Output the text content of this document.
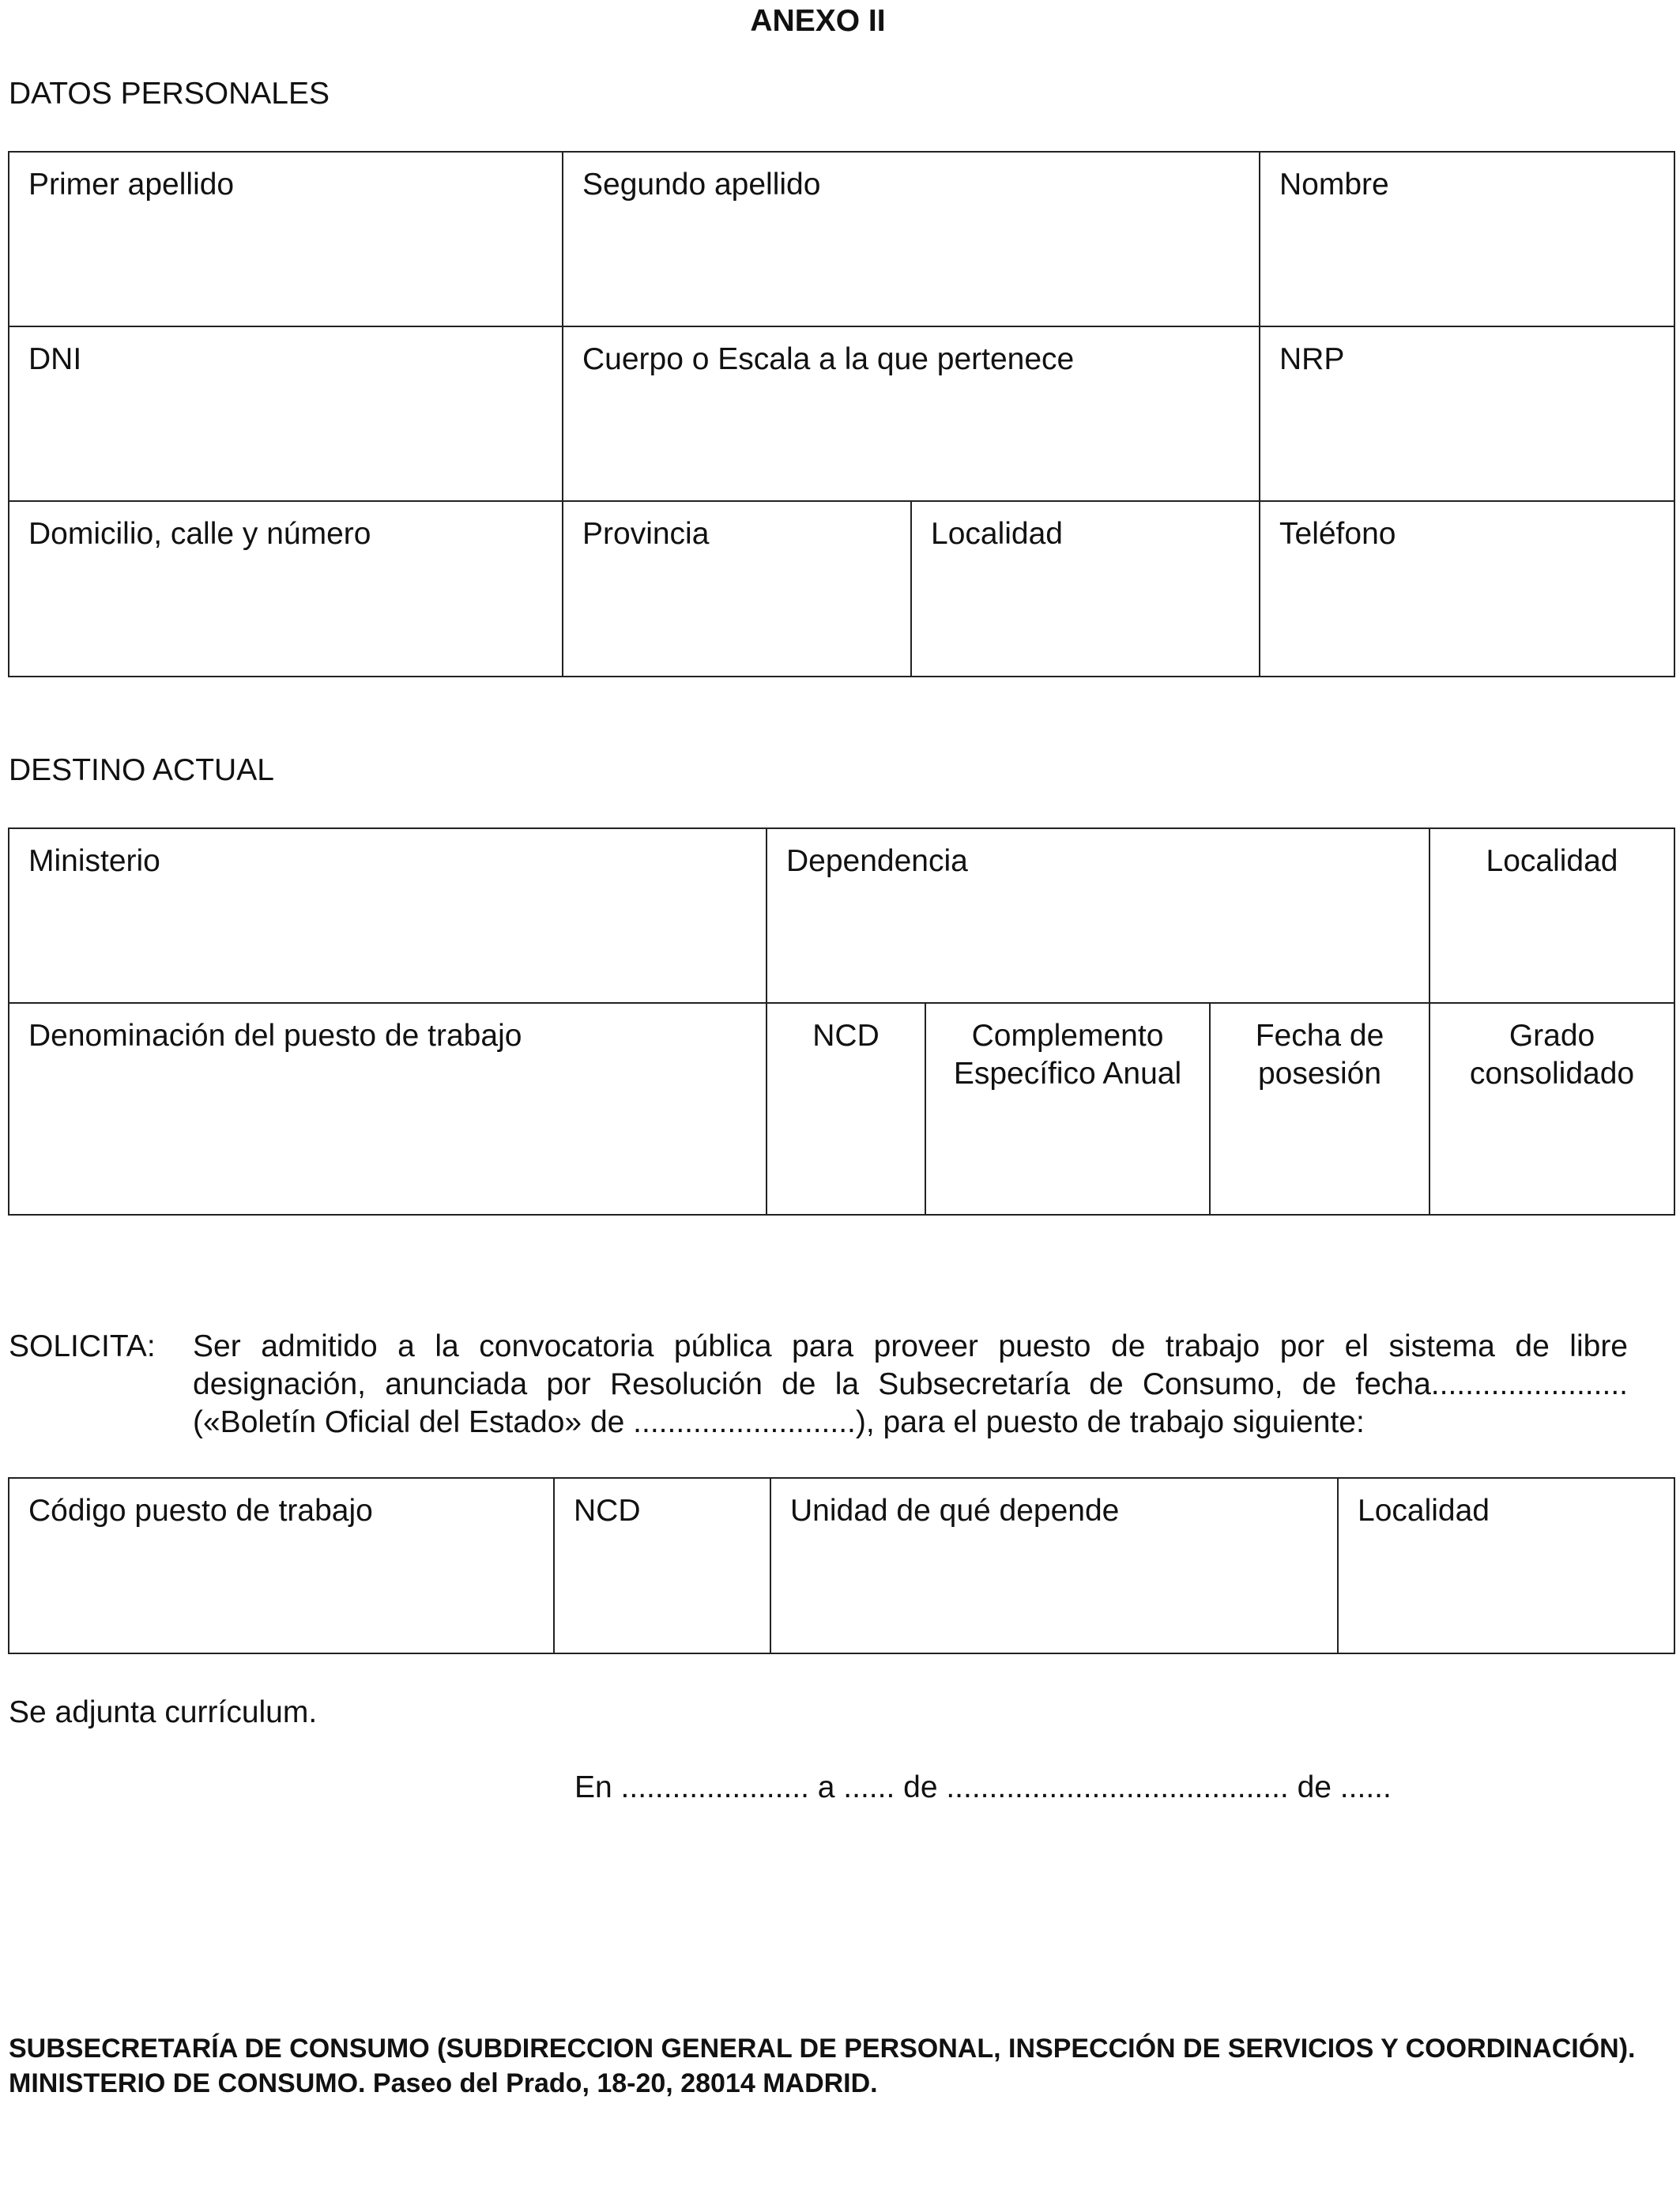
ANEXO II
DATOS PERSONALES
Primer apellido	Segundo apellido		Nombre
DNI	Cuerpo o Escala a la que pertenece		NRP
Domicilio, calle y número	Provincia	Localidad	Teléfono
DESTINO ACTUAL
Ministerio	Dependencia			Localidad
Denominación del puesto de trabajo	NCD	Complemento Específico Anual	Fecha de posesión	Grado consolidado
SOLICITA: Ser admitido a la convocatoria pública para proveer puesto de trabajo por el sistema de libre designación, anunciada por Resolución de la Subsecretaría de Consumo, de fecha....................... («Boletín Oficial del Estado» de ..........................), para el puesto de trabajo siguiente:
Código puesto de trabajo	NCD	Unidad de qué depende	Localidad
Se adjunta currículum.
En ...................... a ...... de ........................................ de ......
SUBSECRETARÍA DE CONSUMO (SUBDIRECCION GENERAL DE PERSONAL, INSPECCIÓN DE SERVICIOS Y COORDINACIÓN).
MINISTERIO DE CONSUMO. Paseo del Prado, 18-20, 28014 MADRID.
